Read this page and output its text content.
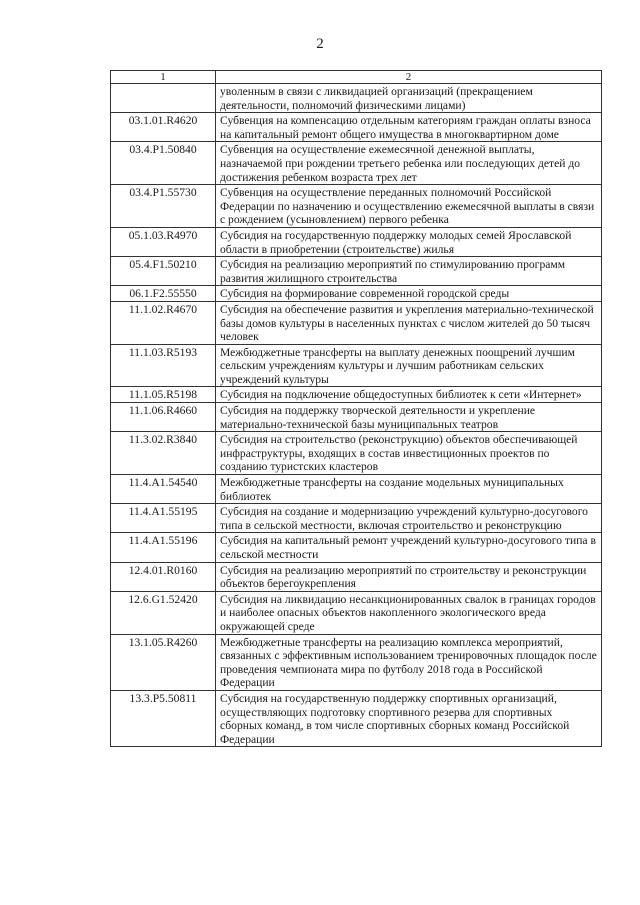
2
1	2
	уволенным в связи с ликвидацией организаций (прекращением деятельности, полномочий физическими лицами)
03.1.01.R4620	Субвенция на компенсацию отдельным категориям граждан оплаты взноса на капитальный ремонт общего имущества в многоквартирном доме
03.4.P1.50840	Субвенция на осуществление ежемесячной денежной выплаты, назначаемой при рождении третьего ребенка или последующих детей до достижения ребенком возраста трех лет
03.4.P1.55730	Субвенция на осуществление переданных полномочий Российской Федерации по назначению и осуществлению ежемесячной выплаты в связи с рождением (усыновлением) первого ребенка
05.1.03.R4970	Субсидия на государственную поддержку молодых семей Ярославской области в приобретении (строительстве) жилья
05.4.F1.50210	Субсидия на реализацию мероприятий по стимулированию программ развития жилищного строительства
06.1.F2.55550	Субсидия на формирование современной городской среды
11.1.02.R4670	Субсидия на обеспечение развития и укрепления материально-технической базы домов культуры в населенных пунктах с числом жителей до 50 тысяч человек
11.1.03.R5193	Межбюджетные трансферты на выплату денежных поощрений лучшим сельским учреждениям культуры и лучшим работникам сельских учреждений культуры
11.1.05.R5198	Субсидия на подключение общедоступных библиотек к сети «Интернет»
11.1.06.R4660	Субсидия на поддержку творческой деятельности и укрепление материально-технической базы муниципальных театров
11.3.02.R3840	Субсидия на строительство (реконструкцию) объектов обеспечивающей инфраструктуры, входящих в состав инвестиционных проектов по созданию туристских кластеров
11.4.A1.54540	Межбюджетные трансферты на создание модельных муниципальных библиотек
11.4.A1.55195	Субсидия на создание и модернизацию учреждений культурно-досугового типа в сельской местности, включая строительство и реконструкцию
11.4.A1.55196	Субсидия на капитальный ремонт учреждений культурно-досугового типа в сельской местности
12.4.01.R0160	Субсидия на реализацию мероприятий по строительству и реконструкции объектов берегоукрепления
12.6.G1.52420	Субсидия на ликвидацию несанкционированных свалок в границах городов и наиболее опасных объектов накопленного экологического вреда окружающей среде
13.1.05.R4260	Межбюджетные трансферты на реализацию комплекса мероприятий, связанных с эффективным использованием тренировочных площадок после проведения чемпионата мира по футболу 2018 года в Российской Федерации
13.3.P5.50811	Субсидия на государственную поддержку спортивных организаций, осуществляющих подготовку спортивного резерва для спортивных сборных команд, в том числе спортивных сборных команд Российской Федерации
